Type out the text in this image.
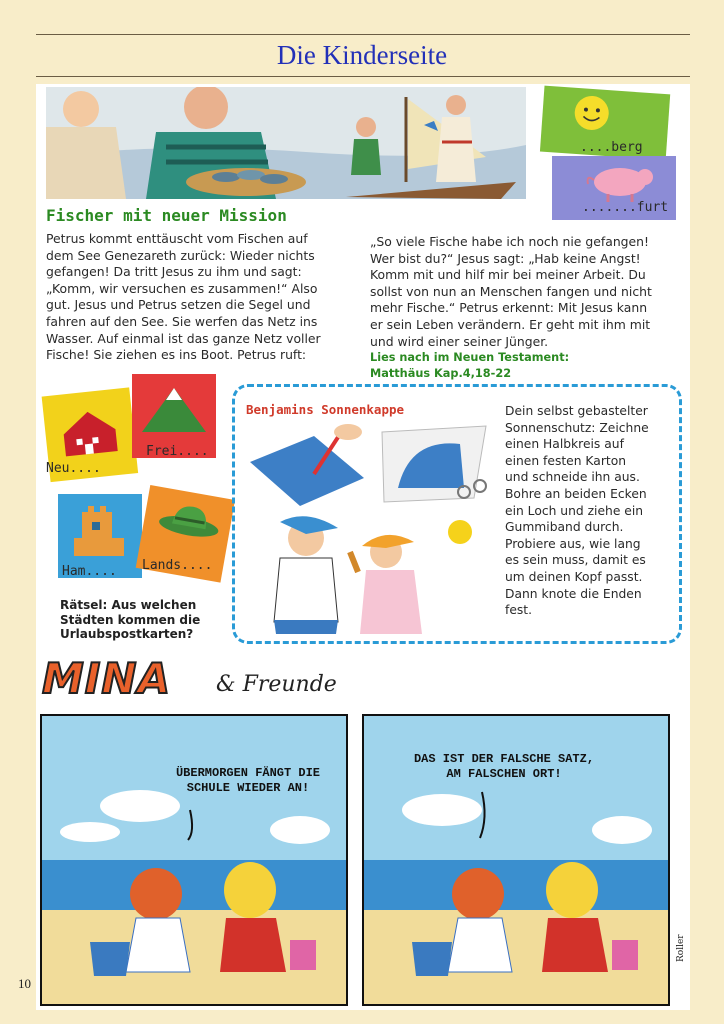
Die Kinderseite
....berg
.......furt
Fischer mit neuer Mission
Petrus kommt enttäuscht vom Fischen auf
dem See Genezareth zurück: Wieder nichts
gefangen! Da tritt Jesus zu ihm und sagt:
„Komm, wir versuchen es zusammen!“ Also
gut. Jesus und Petrus setzen die Segel und
fahren auf den See. Sie werfen das Netz ins
Wasser. Auf einmal ist das ganze Netz voller
Fische! Sie ziehen es ins Boot. Petrus ruft:
„So viele Fische habe ich noch nie gefangen!
Wer bist du?“ Jesus sagt: „Hab keine Angst!
Komm mit und hilf mir bei meiner Arbeit. Du
sollst von nun an Menschen fangen und nicht
mehr Fische.“ Petrus erkennt: Mit Jesus kann
er sein Leben verändern. Er geht mit ihm mit
und wird einer seiner Jünger.
Lies nach im Neuen Testament:
Matthäus Kap.4,18-22
Neu....
Frei....
Ham.... Lands....
Rätsel: Aus welchen
Städten kommen die
Urlaubspostkarten?
Benjamins Sonnenkappe	Dein selbst gebastelter
Sonnenschutz: Zeichne
einen Halbkreis auf
einen festen Karton
und schneide ihn aus.
Bohre an beiden Ecken
ein Loch und ziehe ein
Gummiband durch.
Probiere aus, wie lang
es sein muss, damit es
um deinen Kopf passt.
Dann knote die Enden
fest.
MINA & Freunde
ÜBERMORGEN FÄNGT DIE
SCHULE WIEDER AN!
DAS IST DER FALSCHE SATZ,
AM FALSCHEN ORT!
Roller
10
